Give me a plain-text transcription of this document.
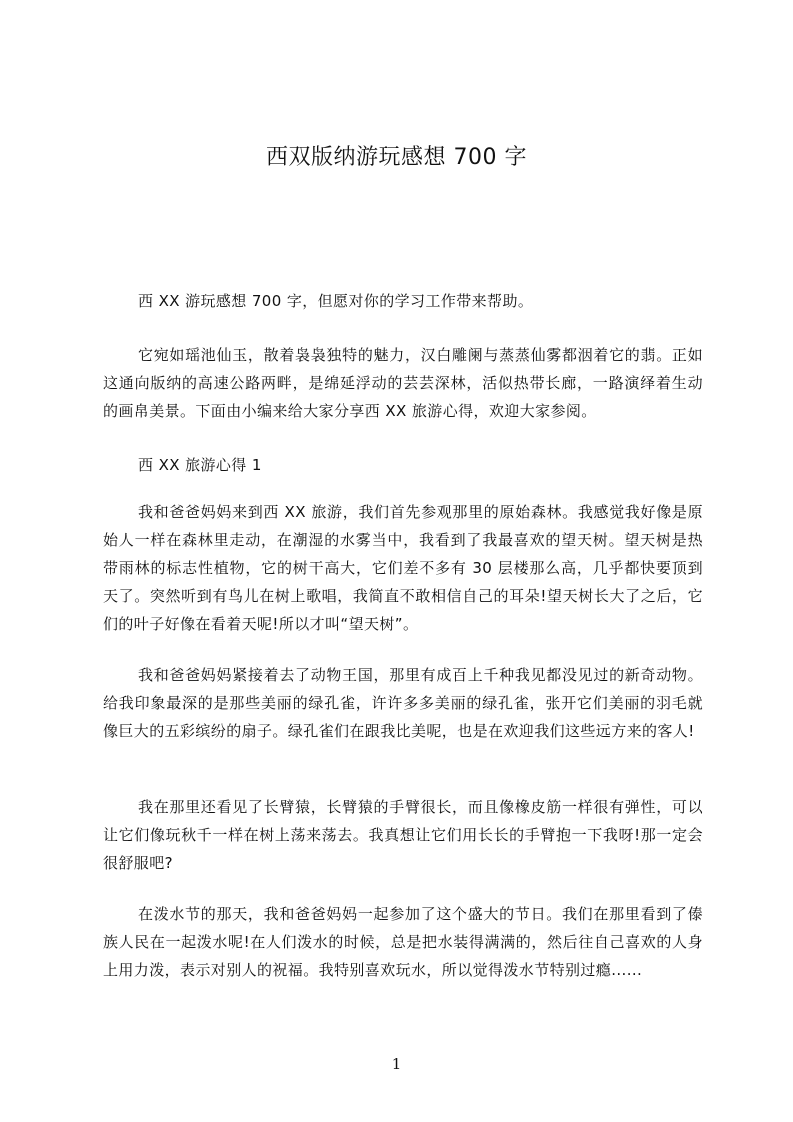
西双版纳游玩感想 700 字
西 XX 游玩感想 700 字，但愿对你的学习工作带来帮助。
它宛如瑶池仙玉，散着袅袅独特的魅力，汉白雕阑与蒸蒸仙雾都洇着它的翡。正如这通向版纳的高速公路两畔，是绵延浮动的芸芸深林，活似热带长廊，一路演绎着生动的画帛美景。下面由小编来给大家分享西 XX 旅游心得，欢迎大家参阅。
西 XX 旅游心得 1
我和爸爸妈妈来到西 XX 旅游，我们首先参观那里的原始森林。我感觉我好像是原始人一样在森林里走动，在潮湿的水雾当中，我看到了我最喜欢的望天树。望天树是热带雨林的标志性植物，它的树干高大，它们差不多有 30 层楼那么高，几乎都快要顶到天了。突然听到有鸟儿在树上歌唱，我简直不敢相信自己的耳朵!望天树长大了之后，它们的叶子好像在看着天呢!所以才叫“望天树”。
我和爸爸妈妈紧接着去了动物王国，那里有成百上千种我见都没见过的新奇动物。给我印象最深的是那些美丽的绿孔雀，许许多多美丽的绿孔雀，张开它们美丽的羽毛就像巨大的五彩缤纷的扇子。绿孔雀们在跟我比美呢，也是在欢迎我们这些远方来的客人!
我在那里还看见了长臂猿，长臂猿的手臂很长，而且像橡皮筋一样很有弹性，可以让它们像玩秋千一样在树上荡来荡去。我真想让它们用长长的手臂抱一下我呀!那一定会很舒服吧?
在泼水节的那天，我和爸爸妈妈一起参加了这个盛大的节日。我们在那里看到了傣族人民在一起泼水呢!在人们泼水的时候，总是把水装得满满的，然后往自己喜欢的人身上用力泼，表示对别人的祝福。我特别喜欢玩水，所以觉得泼水节特别过瘾......
1
